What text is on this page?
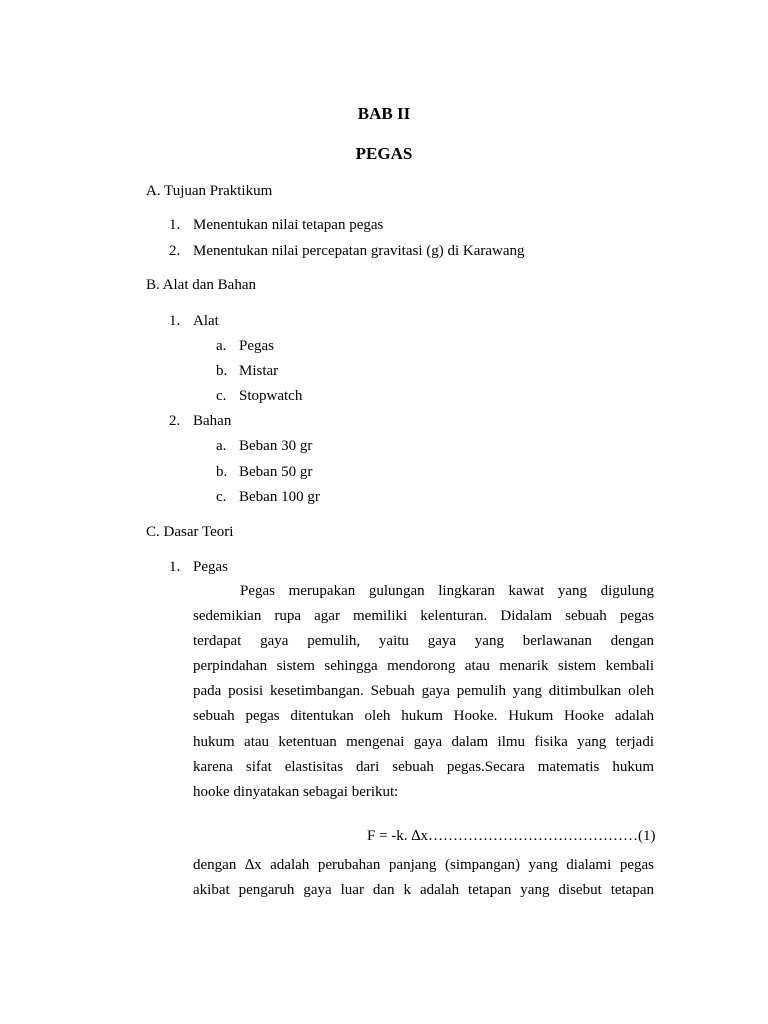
BAB II
PEGAS
A. Tujuan Praktikum
1. Menentukan nilai tetapan pegas
2. Menentukan nilai percepatan gravitasi (g) di Karawang
B. Alat dan Bahan
1. Alat
a. Pegas
b. Mistar
c. Stopwatch
2. Bahan
a. Beban 30 gr
b. Beban 50 gr
c. Beban 100 gr
C. Dasar Teori
1. Pegas
Pegas merupakan gulungan lingkaran kawat yang digulung
sedemikian rupa agar memiliki kelenturan. Didalam sebuah pegas
terdapat gaya pemulih, yaitu gaya yang berlawanan dengan
perpindahan sistem sehingga mendorong atau menarik sistem kembali
pada posisi kesetimbangan. Sebuah gaya pemulih yang ditimbulkan oleh
sebuah pegas ditentukan oleh hukum Hooke. Hukum Hooke adalah
hukum atau ketentuan mengenai gaya dalam ilmu fisika yang terjadi
karena sifat elastisitas dari sebuah pegas.Secara matematis hukum
hooke dinyatakan sebagai berikut:
F = -k. ∆x……………………………………(1)
dengan ∆x adalah perubahan panjang (simpangan) yang dialami pegas
akibat pengaruh gaya luar dan k adalah tetapan yang disebut tetapan
